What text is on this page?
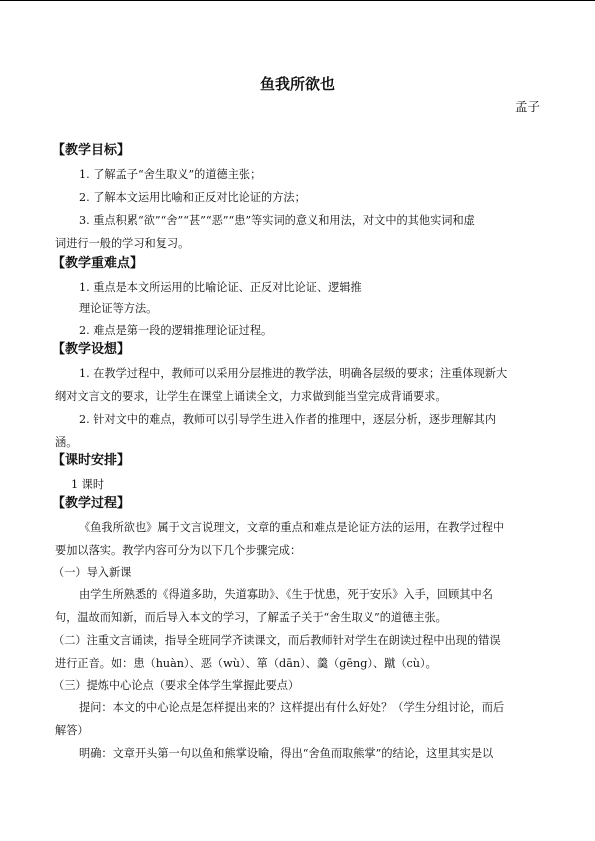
鱼我所欲也
孟子
【教学目标】
1. 了解孟子“舍生取义”的道德主张；
2. 了解本文运用比喻和正反对比论证的方法；
3. 重点积累“欲”“舍”“甚”“恶”“患”等实词的意义和用法，对文中的其他实词和虚
词进行一般的学习和复习。
【教学重难点】
1. 重点是本文所运用的比喻论证、正反对比论证、逻辑推
理论证等方法。
2. 难点是第一段的逻辑推理论证过程。
【教学设想】
1. 在教学过程中，教师可以采用分层推进的教学法，明确各层级的要求；注重体现新大
纲对文言文的要求，让学生在课堂上诵读全文，力求做到能当堂完成背诵要求。
2. 针对文中的难点，教师可以引导学生进入作者的推理中，逐层分析，逐步理解其内
涵。
【课时安排】
1 课时
【教学过程】
《鱼我所欲也》属于文言说理文，文章的重点和难点是论证方法的运用，在教学过程中
要加以落实。教学内容可分为以下几个步骤完成：
（一）导入新课
由学生所熟悉的《得道多助，失道寡助》、《生于忧患，死于安乐》入手，回顾其中名
句，温故而知新，而后导入本文的学习，了解孟子关于“舍生取义”的道德主张。
（二）注重文言诵读，指导全班同学齐读课文，而后教师针对学生在朗读过程中出现的错误
进行正音。如：患（huàn）、恶（wù）、箪（dān）、羹（gēng）、蹴（cù）。
（三）提炼中心论点（要求全体学生掌握此要点）
提问：本文的中心论点是怎样提出来的？这样提出有什么好处？（学生分组讨论，而后
解答）
明确：文章开头第一句以鱼和熊掌设喻，得出“舍鱼而取熊掌”的结论，这里其实是以
